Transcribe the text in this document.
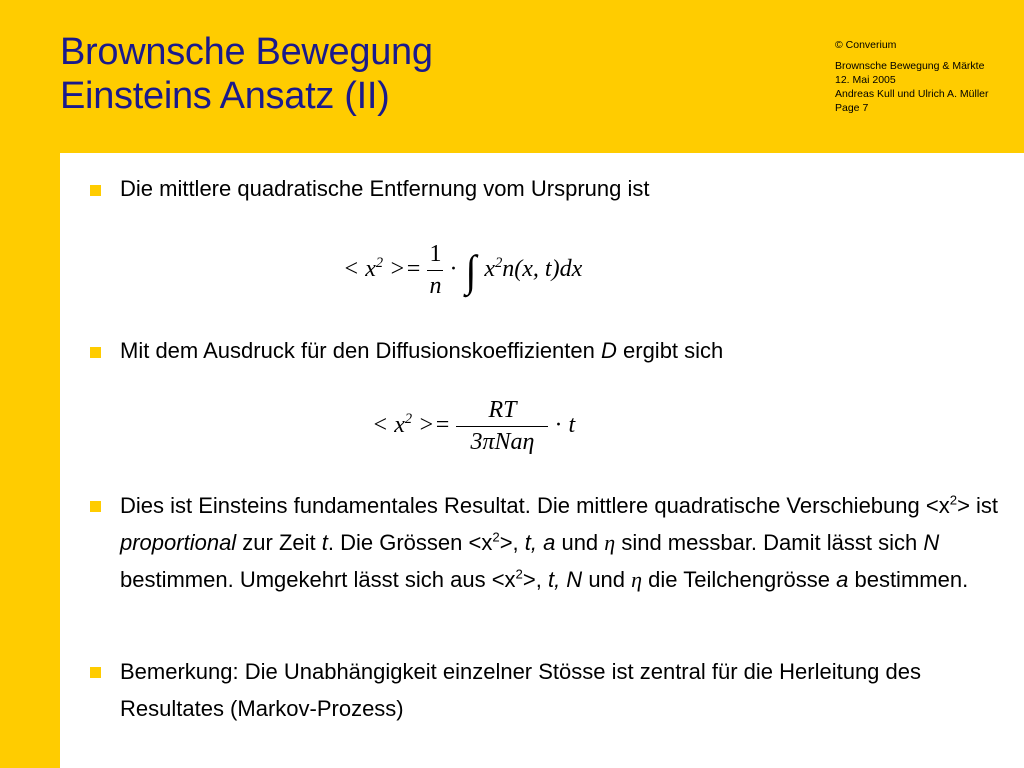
Brownsche Bewegung
Einsteins Ansatz (II)
© Converium
Brownsche Bewegung & Märkte
12. Mai 2005
Andreas Kull und Ulrich A. Müller
Page 7
Die mittlere quadratische Entfernung vom Ursprung ist
< $x^2 >= \frac{1}{n}$ · ∫ $x^2n(x$, t)dx
Mit dem Ausdruck für den Diffusionskoeffizienten D ergibt sich
< $x^2 >= \frac{RT}{\text{3πNaη}} \cdot t$
Dies ist Einsteins fundamentales Resultat. Die mittlere quadratische Verschiebung $<x^2>$ ist proportional zur Zeit t. Die Grössen $<x^2>$, t, a und η sind messbar. Damit lässt sich N bestimmen. Umgekehrt lässt sich aus $<x^2>$, t, N und η die Teilchengrösse a bestimmen.
Bemerkung: Die Unabhängigkeit einzelner Stösse ist zentral für die Herleitung des Resultates (Markov-Prozess)
